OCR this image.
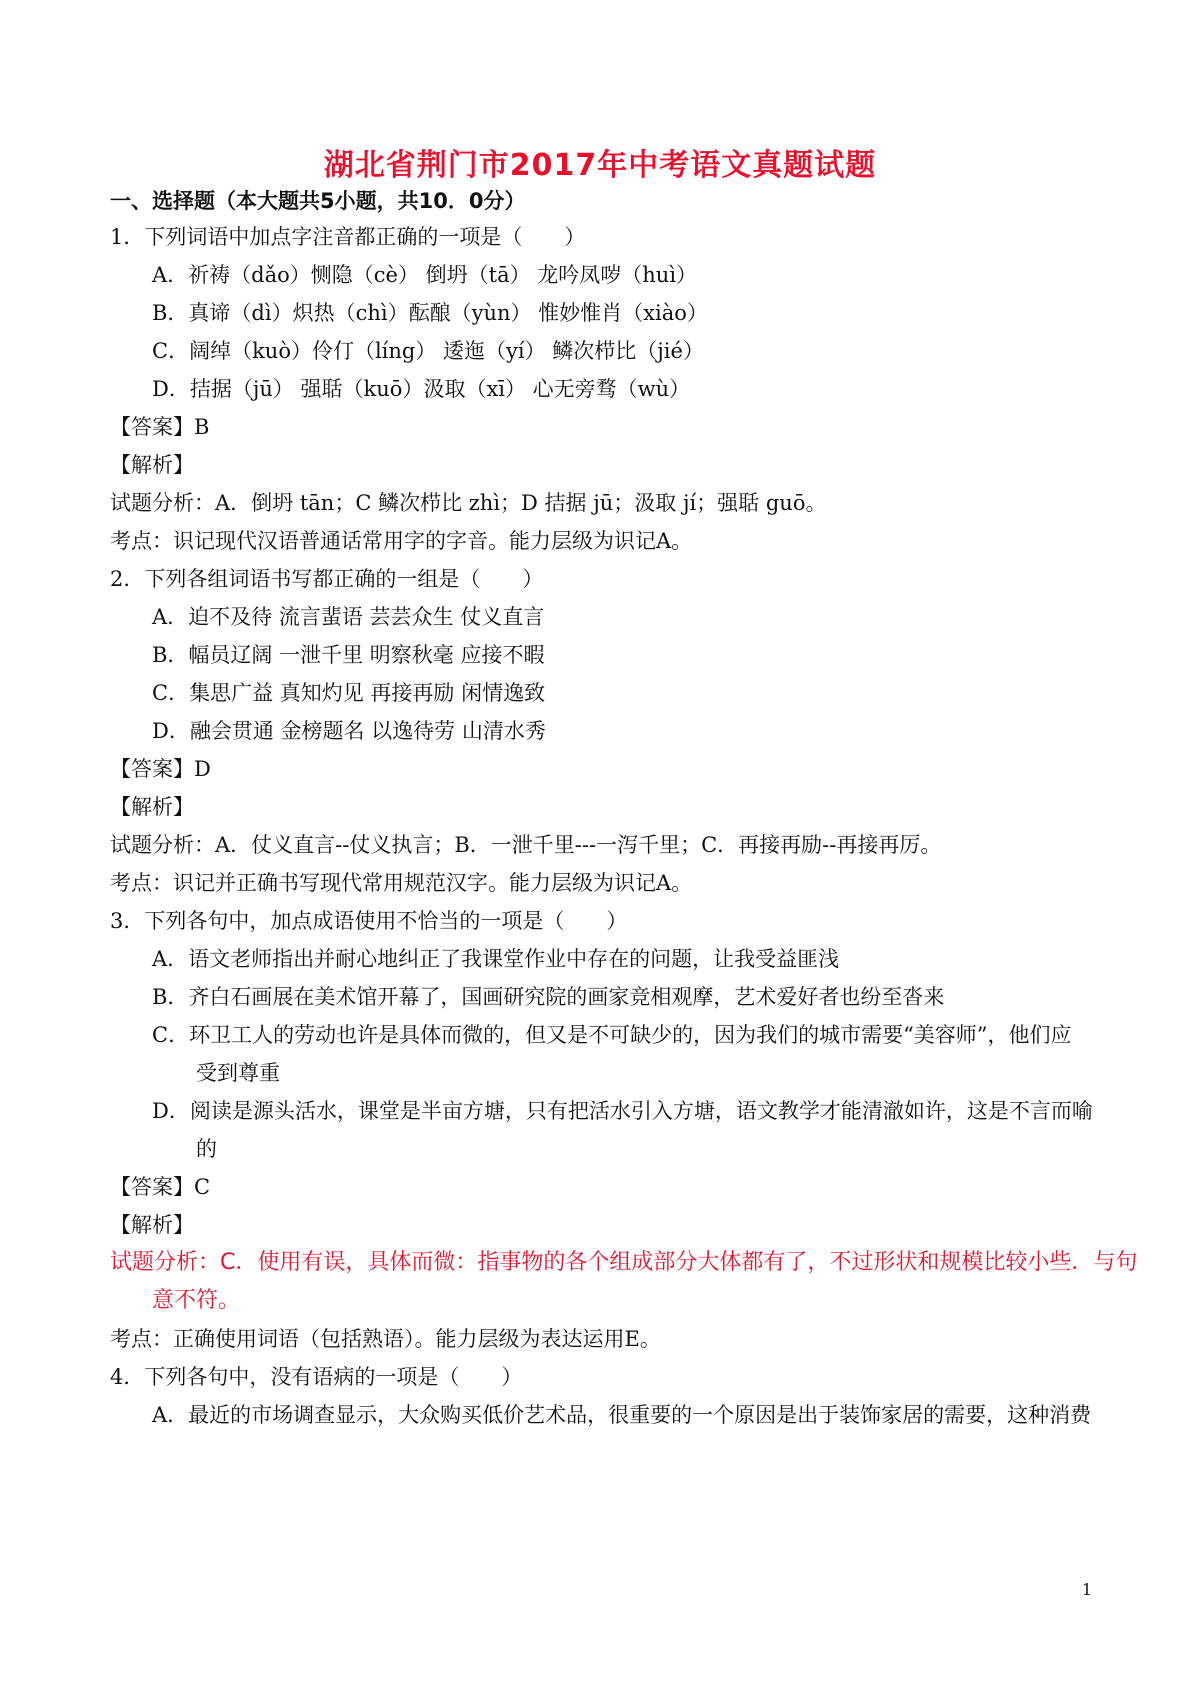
湖北省荆门市2017年中考语文真题试题
一、选择题（本大题共5小题，共10．0分）
1．下列词语中加点字注音都正确的一项是（　　）
A．祈祷（dǎo）恻隐（cè） 倒坍（tā） 龙吟凤哕（huì）
B．真谛（dì）炽热（chì）酝酿（yùn） 惟妙惟肖（xiào）
C．阔绰（kuò）伶仃（líng） 逶迤（yí） 鳞次栉比（jié）
D．拮据（jū） 强聒（kuō）汲取（xī） 心无旁骛（wù）
【答案】B
【解析】
试题分析：A．倒坍 tān；C 鳞次栉比 zhì；D 拮据 jū；汲取 jí；强聒 guō。
考点：识记现代汉语普通话常用字的字音。能力层级为识记A。
2．下列各组词语书写都正确的一组是（　　）
A．迫不及待 流言蜚语 芸芸众生 仗义直言
B．幅员辽阔 一泄千里 明察秋毫 应接不暇
C．集思广益 真知灼见 再接再励 闲情逸致
D．融会贯通 金榜题名 以逸待劳 山清水秀
【答案】D
【解析】
试题分析：A．仗义直言--仗义执言；B．一泄千里---一泻千里；C．再接再励--再接再厉。
考点：识记并正确书写现代常用规范汉字。能力层级为识记A。
3．下列各句中，加点成语使用不恰当的一项是（　　）
A．语文老师指出并耐心地纠正了我课堂作业中存在的问题，让我受益匪浅
B．齐白石画展在美术馆开幕了，国画研究院的画家竞相观摩，艺术爱好者也纷至沓来
C．环卫工人的劳动也许是具体而微的，但又是不可缺少的，因为我们的城市需要“美容师”，他们应
受到尊重
D．阅读是源头活水，课堂是半亩方塘，只有把活水引入方塘，语文教学才能清澈如许，这是不言而喻
的
【答案】C
【解析】
试题分析：C．使用有误，具体而微：指事物的各个组成部分大体都有了，不过形状和规模比较小些．与句
意不符。
考点：正确使用词语（包括熟语）。能力层级为表达运用E。
4．下列各句中，没有语病的一项是（　　）
A．最近的市场调查显示，大众购买低价艺术品，很重要的一个原因是出于装饰家居的需要，这种消费
1
